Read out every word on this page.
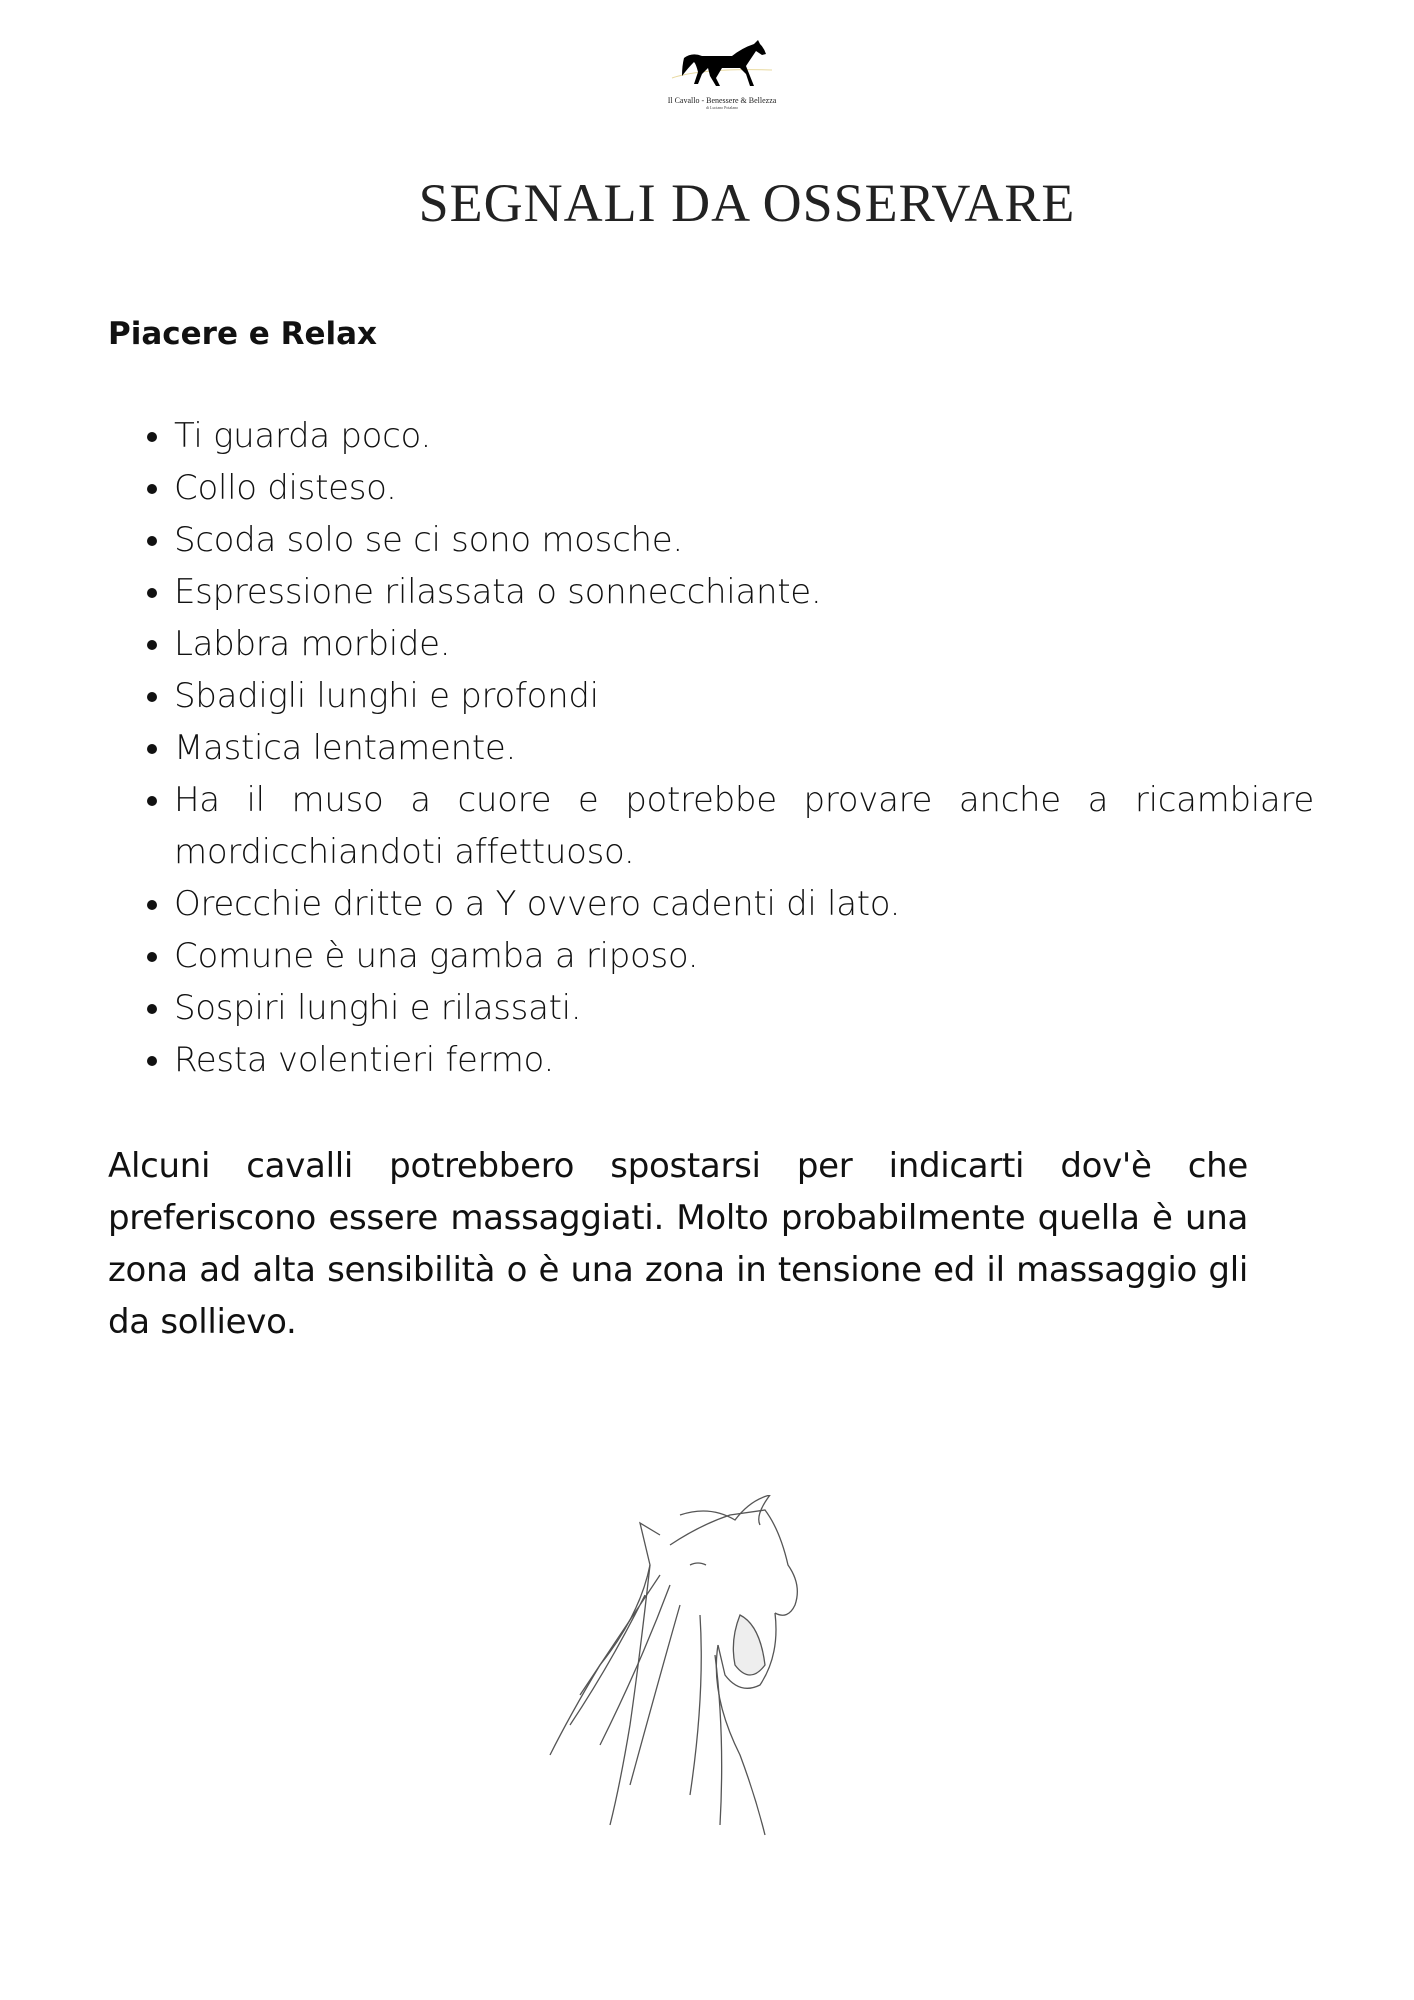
Il Cavallo - Benessere & Bellezza
di Luciano Potalano
SEGNALI DA OSSERVARE
Piacere e Relax
• Ti guarda poco.
• Collo disteso.
• Scoda solo se ci sono mosche.
• Espressione rilassata o sonnecchiante.
• Labbra morbide.
• Sbadigli lunghi e profondi
• Mastica lentamente.
• Ha il muso a cuore e potrebbe provare anche a ricambiare mordicchiandoti affettuoso.
• Orecchie dritte o a Y ovvero cadenti di lato.
• Comune è una gamba a riposo.
• Sospiri lunghi e rilassati.
• Resta volentieri fermo.

Alcuni cavalli potrebbero spostarsi per indicarti dov'è che preferiscono essere massaggiati. Molto probabilmente quella è una zona ad alta sensibilità o è una zona in tensione ed il massaggio gli da sollievo.
